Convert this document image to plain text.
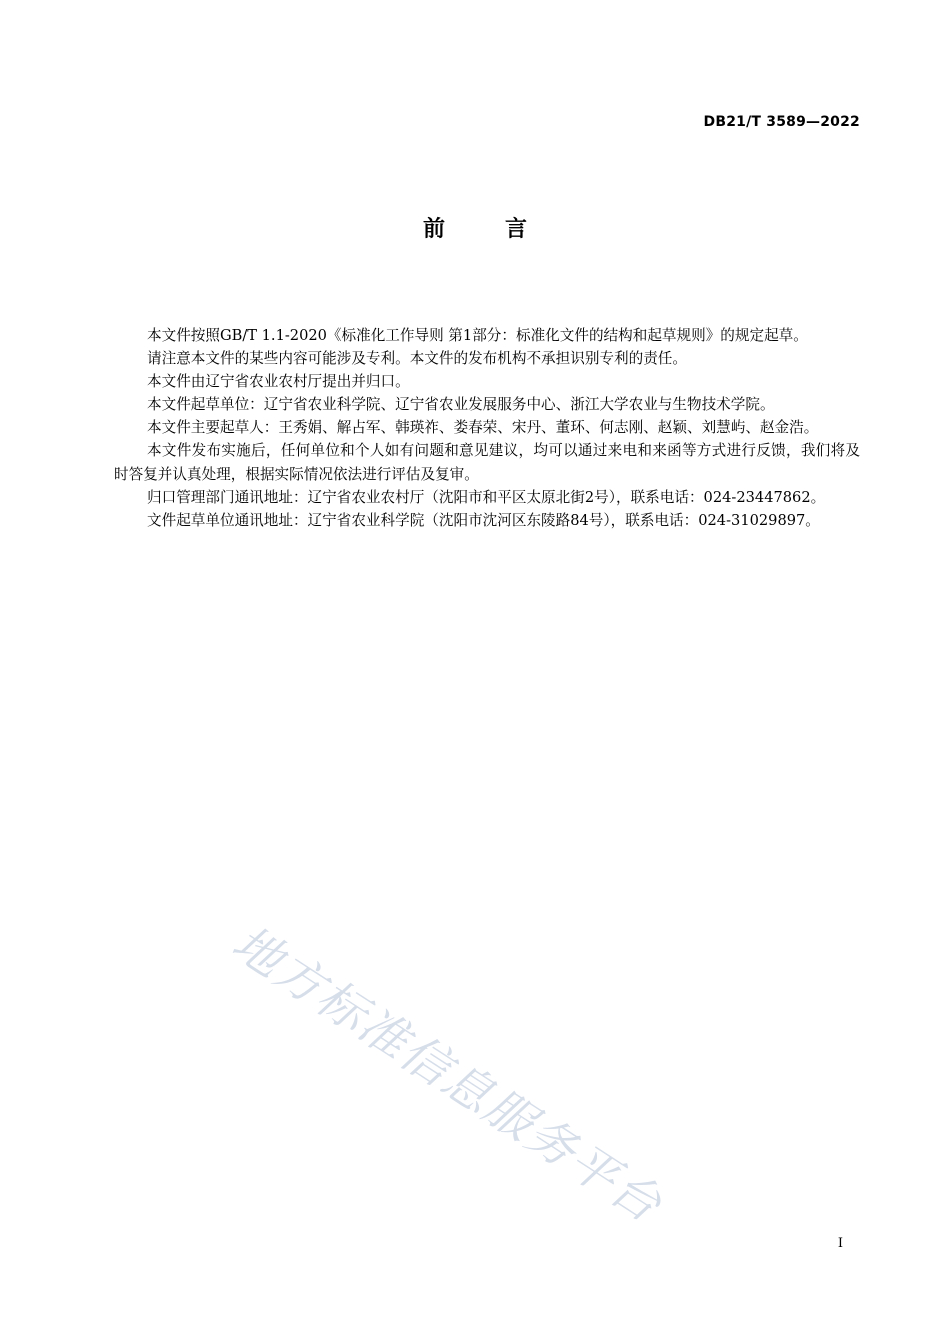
DB21/T 3589—2022
前言

本文件按照GB/T 1.1-2020《标准化工作导则 第1部分：标准化文件的结构和起草规则》的规定起草。

请注意本文件的某些内容可能涉及专利。本文件的发布机构不承担识别专利的责任。

本文件由辽宁省农业农村厅提出并归口。

本文件起草单位：辽宁省农业科学院、辽宁省农业发展服务中心、浙江大学农业与生物技术学院。

本文件主要起草人：王秀娟、解占军、韩瑛祚、娄春荣、宋丹、董环、何志刚、赵颖、刘慧屿、赵金浩。

本文件发布实施后，任何单位和个人如有问题和意见建议，均可以通过来电和来函等方式进行反馈，我们将及时答复并认真处理，根据实际情况依法进行评估及复审。

归口管理部门通讯地址：辽宁省农业农村厅（沈阳市和平区太原北街2号），联系电话：024-23447862。

文件起草单位通讯地址：辽宁省农业科学院（沈阳市沈河区东陵路84号），联系电话：024-31029897。

地方标准信息服务平台
I
